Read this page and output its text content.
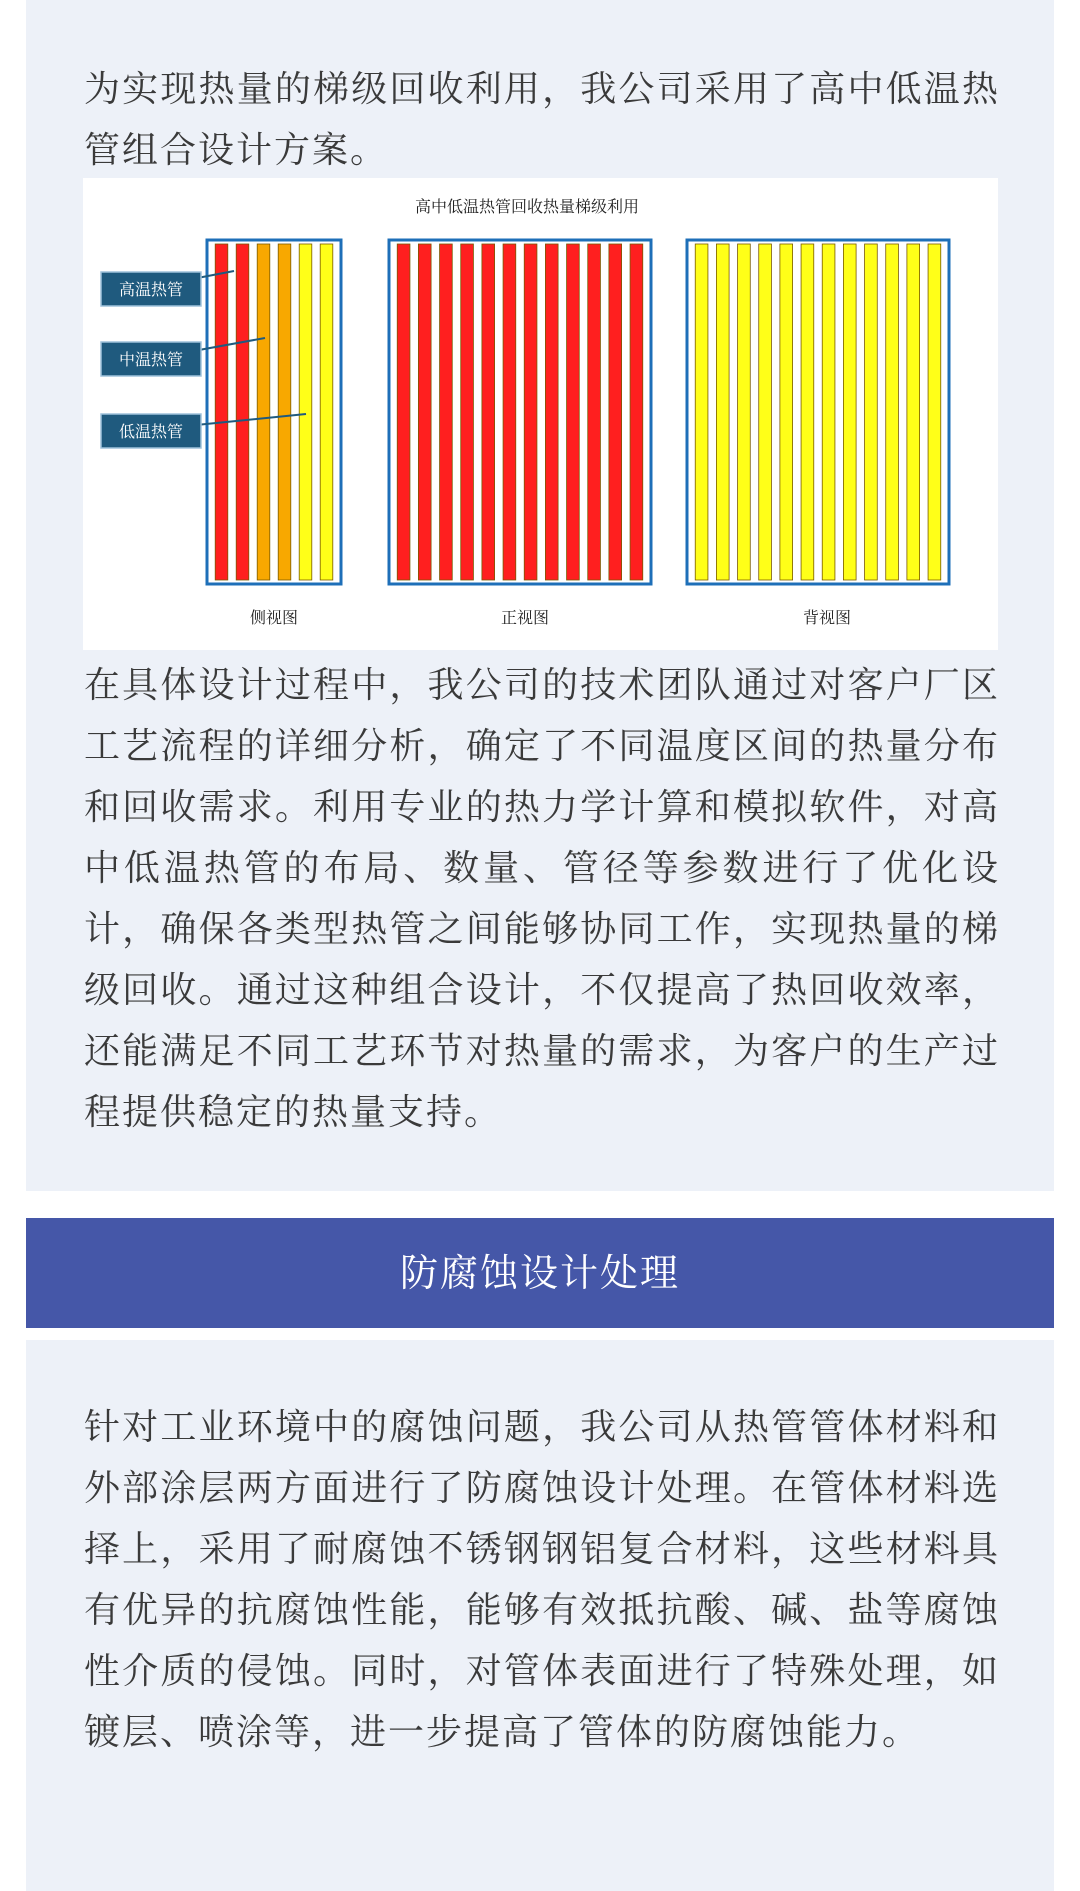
为实现热量的梯级回收利用，我公司采用了高中低温热管组合设计方案。

高中低温热管回收热量梯级利用
高温热管
中温热管
低温热管
侧视图	正视图	背视图

在具体设计过程中，我公司的技术团队通过对客户厂区工艺流程的详细分析，确定了不同温度区间的热量分布和回收需求。利用专业的热力学计算和模拟软件，对高中低温热管的布局、数量、管径等参数进行了优化设计，确保各类型热管之间能够协同工作，实现热量的梯级回收。通过这种组合设计，不仅提高了热回收效率，还能满足不同工艺环节对热量的需求，为客户的生产过程提供稳定的热量支持。

防腐蚀设计处理

针对工业环境中的腐蚀问题，我公司从热管管体材料和外部涂层两方面进行了防腐蚀设计处理。在管体材料选择上，采用了耐腐蚀不锈钢钢铝复合材料，这些材料具有优异的抗腐蚀性能，能够有效抵抗酸、碱、盐等腐蚀性介质的侵蚀。同时，对管体表面进行了特殊处理，如镀层、喷涂等，进一步提高了管体的防腐蚀能力。
